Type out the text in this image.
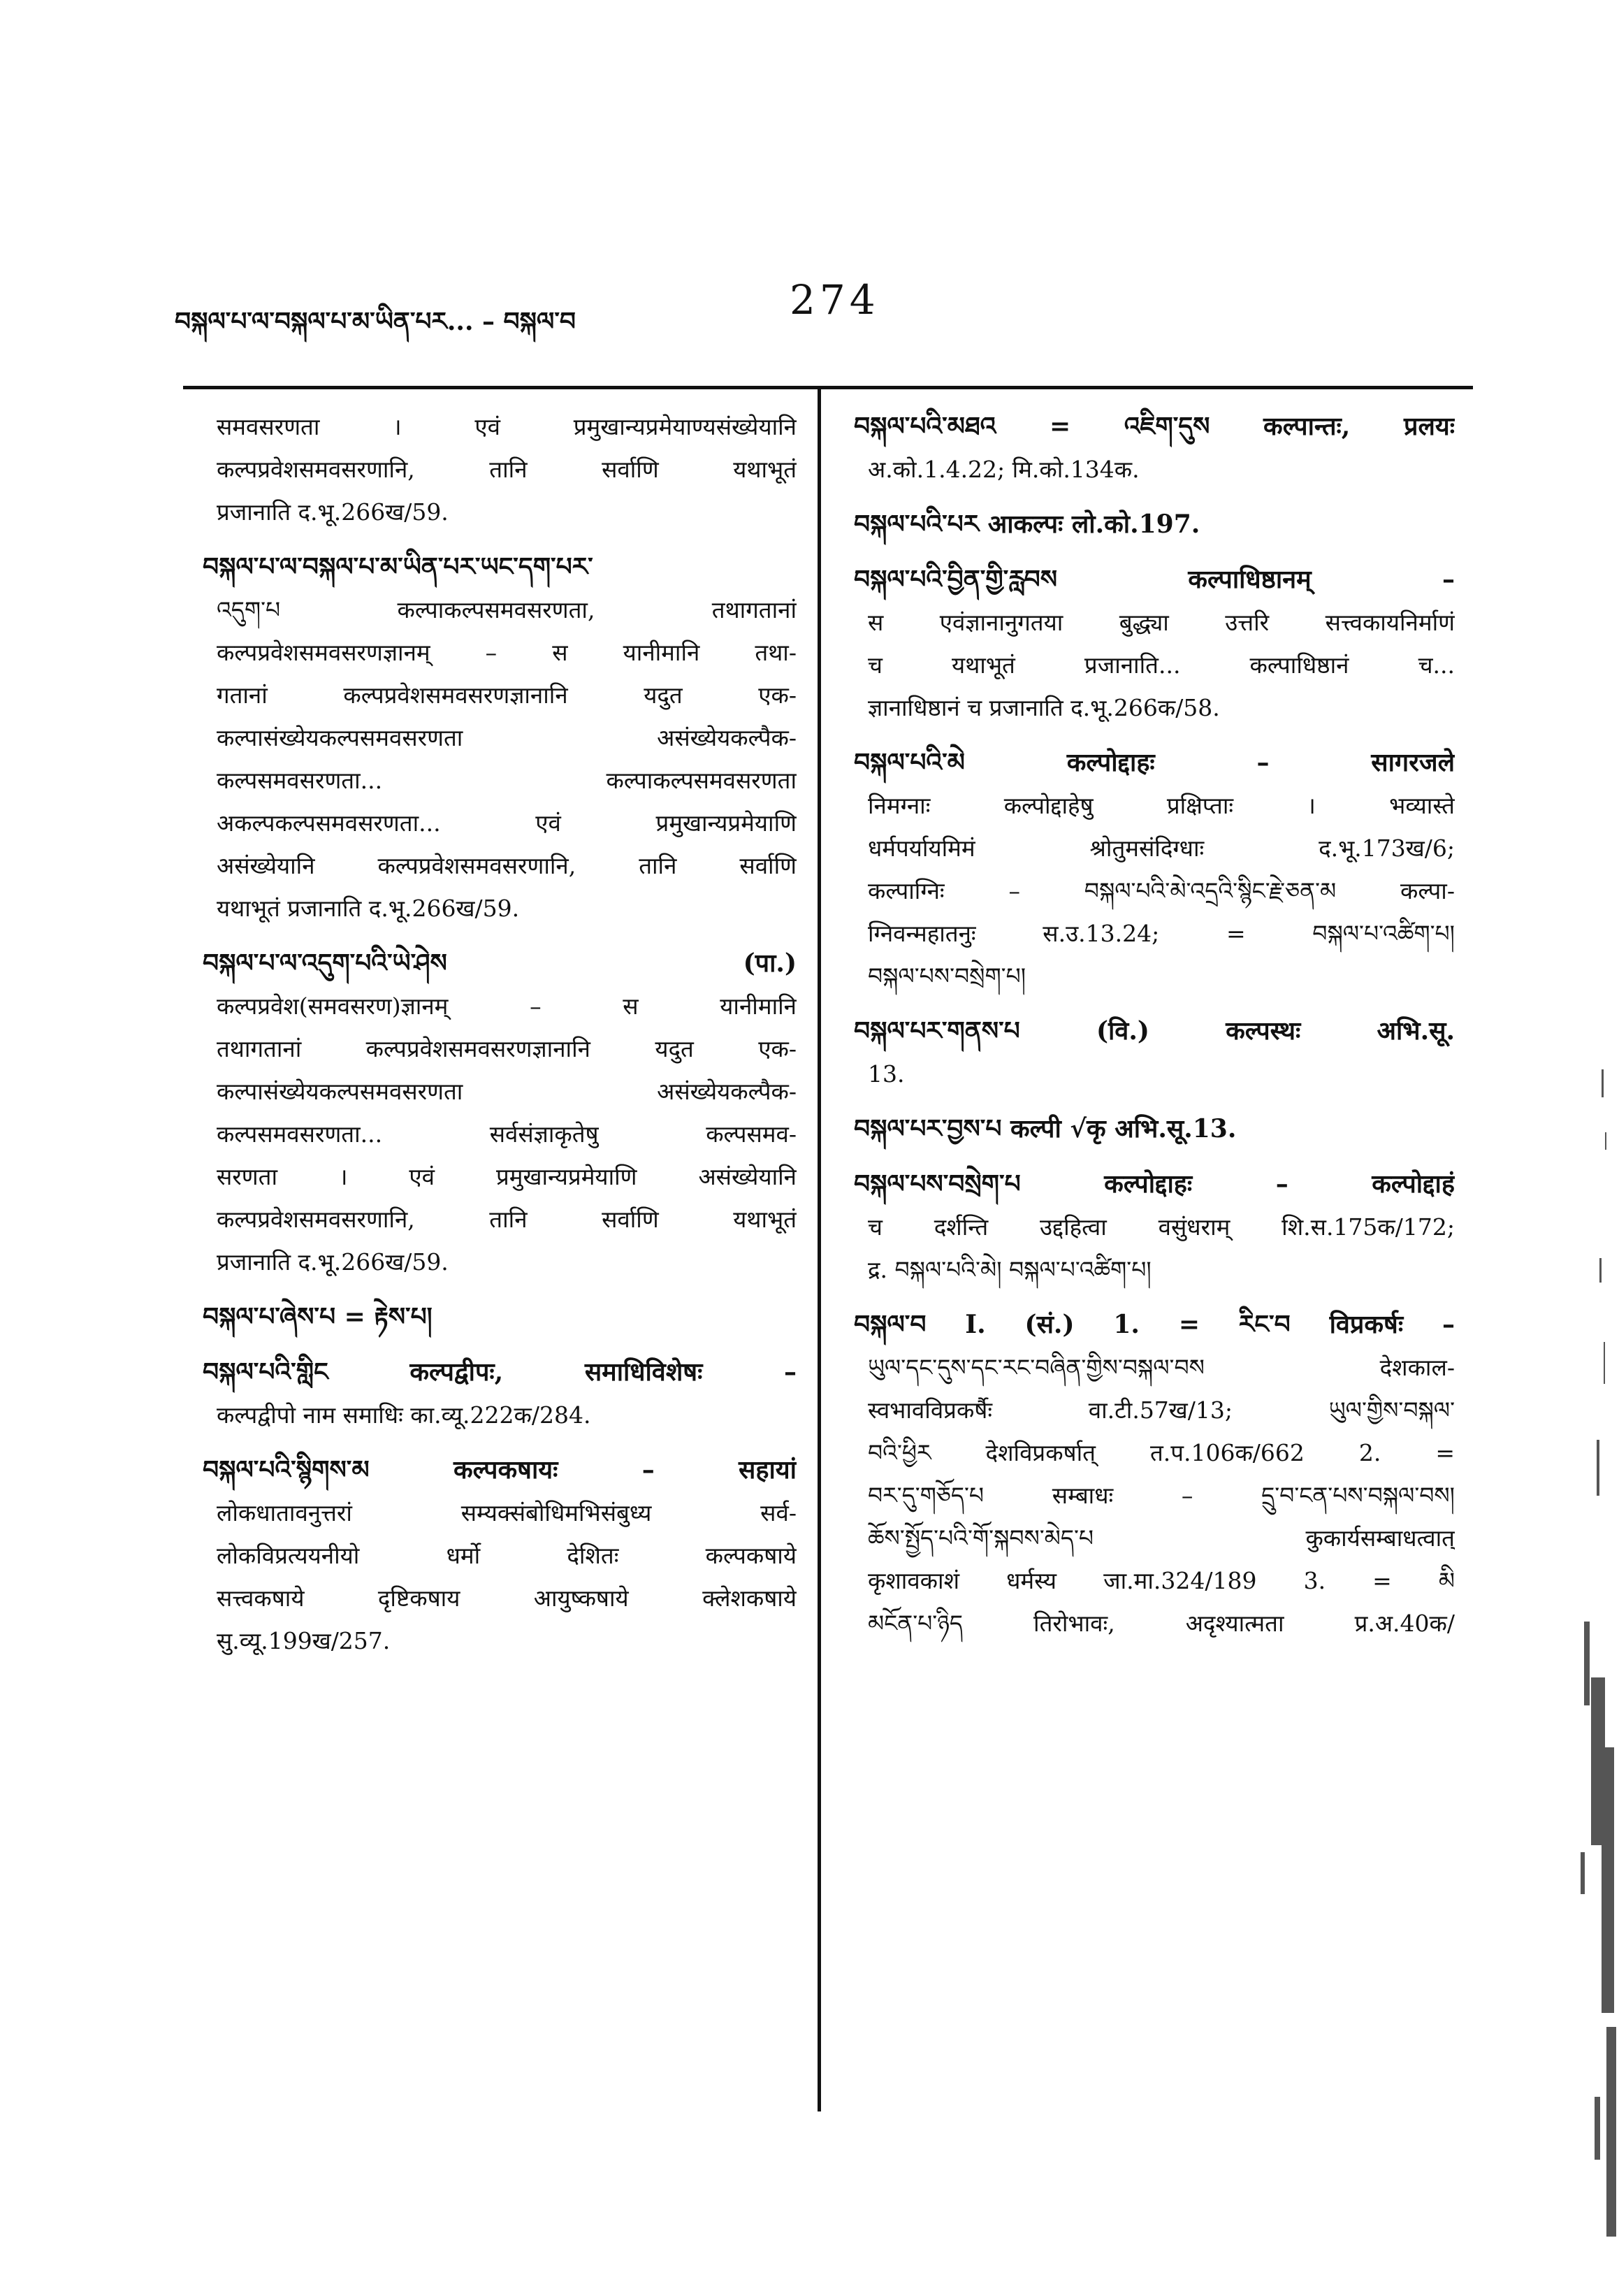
བསྐལ་པ་ལ་བསྐལ་པ་མ་ཡིན་པར... – བསྐལ་བ	274
समवसरणता । एवं प्रमुखान्यप्रमेयाण्यसंख्येयानि
कल्पप्रवेशसमवसरणानि, तानि सर्वाणि यथाभूतं
प्रजानाति द.भू.266ख/59.
བསྐལ་པ་ལ་བསྐལ་པ་མ་ཡིན་པར་ཡང་དག་པར་
འདུག་པ कल्पाकल्पसमवसरणता, तथागतानां
कल्पप्रवेशसमवसरणज्ञानम् – स यानीमानि तथा-
गतानां कल्पप्रवेशसमवसरणज्ञानानि यदुत एक-
कल्पासंख्येयकल्पसमवसरणता असंख्येयकल्पैक-
कल्पसमवसरणता... कल्पाकल्पसमवसरणता
अकल्पकल्पसमवसरणता... एवं प्रमुखान्यप्रमेयाणि
असंख्येयानि कल्पप्रवेशसमवसरणानि, तानि सर्वाणि
यथाभूतं प्रजानाति द.भू.266ख/59.
བསྐལ་པ་ལ་འདུག་པའི་ཡེ་ཤེས (पा.)
कल्पप्रवेश(समवसरण)ज्ञानम् – स यानीमानि
तथागतानां कल्पप्रवेशसमवसरणज्ञानानि यदुत एक-
कल्पासंख्येयकल्पसमवसरणता असंख्येयकल्पैक-
कल्पसमवसरणता... सर्वसंज्ञाकृतेषु कल्पसमव-
सरणता । एवं प्रमुखान्यप्रमेयाणि असंख्येयानि
कल्पप्रवेशसमवसरणानि, तानि सर्वाणि यथाभूतं
प्रजानाति द.भू.266ख/59.
བསྐལ་པ་ཞེས་པ = རྟེས་པ།
བསྐལ་པའི་གླིང कल्पद्वीपः, समाधिविशेषः –
कल्पद्वीपो नाम समाधिः का.व्यू.222क/284.
བསྐལ་པའི་སྙིགས་མ कल्पकषायः – सहायां
लोकधातावनुत्तरां सम्यक्संबोधिमभिसंबुध्य सर्व-
लोकविप्रत्ययनीयो धर्मो देशितः कल्पकषाये
सत्त्वकषाये दृष्टिकषाय आयुष्कषाये क्लेशकषाये
सु.व्यू.199ख/257.
བསྐལ་པའི་མཐའ = འཇིག་དུས कल्पान्तः, प्रलयः
अ.को.1.4.22; मि.को.134क.
བསྐལ་པའི་པར आकल्पः लो.को.197.
བསྐལ་པའི་བྱིན་གྱི་རླབས कल्पाधिष्ठानम् –
स एवंज्ञानानुगतया बुद्ध्या उत्तरि सत्त्वकायनिर्माणं
च यथाभूतं प्रजानाति... कल्पाधिष्ठानं च...
ज्ञानाधिष्ठानं च प्रजानाति द.भू.266क/58.
བསྐལ་པའི་མེ कल्पोद्दाहः – सागरजले
निमग्नाः कल्पोद्दाहेषु प्रक्षिप्ताः । भव्यास्ते
धर्मपर्यायमिमं श्रोतुमसंदिग्धाः द.भू.173ख/6;
कल्पाग्निः – བསྐལ་པའི་མེ་འདྲའི་སྙིང་རྗེ་ཅན་མ कल्पा-
ग्निवन्महातनुः स.उ.13.24; = བསྐལ་པ་འཚིག་པ།
བསྐལ་པས་བསྲེག་པ།
བསྐལ་པར་གནས་པ (वि.) कल्पस्थः अभि.सू.
13.
བསྐལ་པར་བྱས་པ कल्पी √कृ अभि.सू.13.
བསྐལ་པས་བསྲེག་པ कल्पोद्दाहः – कल्पोद्दाहं
च दर्शन्ति उद्दहित्वा वसुंधराम् शि.स.175क/172;
द्र. བསྐལ་པའི་མེ། བསྐལ་པ་འཚིག་པ།
བསྐལ་བ I. (सं.) 1. = རིང་བ विप्रकर्षः –
ཡུལ་དང་དུས་དང་རང་བཞིན་གྱིས་བསྐལ་བས देशकाल-
स्वभावविप्रकर्षैः वा.टी.57ख/13; ཡུལ་གྱིས་བསྐལ་
བའི་ཕྱིར देशविप्रकर्षात् त.प.106क/662 2. =
བར་དུ་གཅོད་པ सम्बाधः – དྲུ་བ་ངན་པས་བསྐལ་བས།
ཆོས་སྤྱོད་པའི་གོ་སྐབས་མེད་པ कुकार्यसम्बाधत्वात्
कृशावकाशं धर्मस्य जा.मा.324/189 3. = མི
མངོན་པ་ཉིད तिरोभावः, अदृश्यात्मता प्र.अ.40क/
